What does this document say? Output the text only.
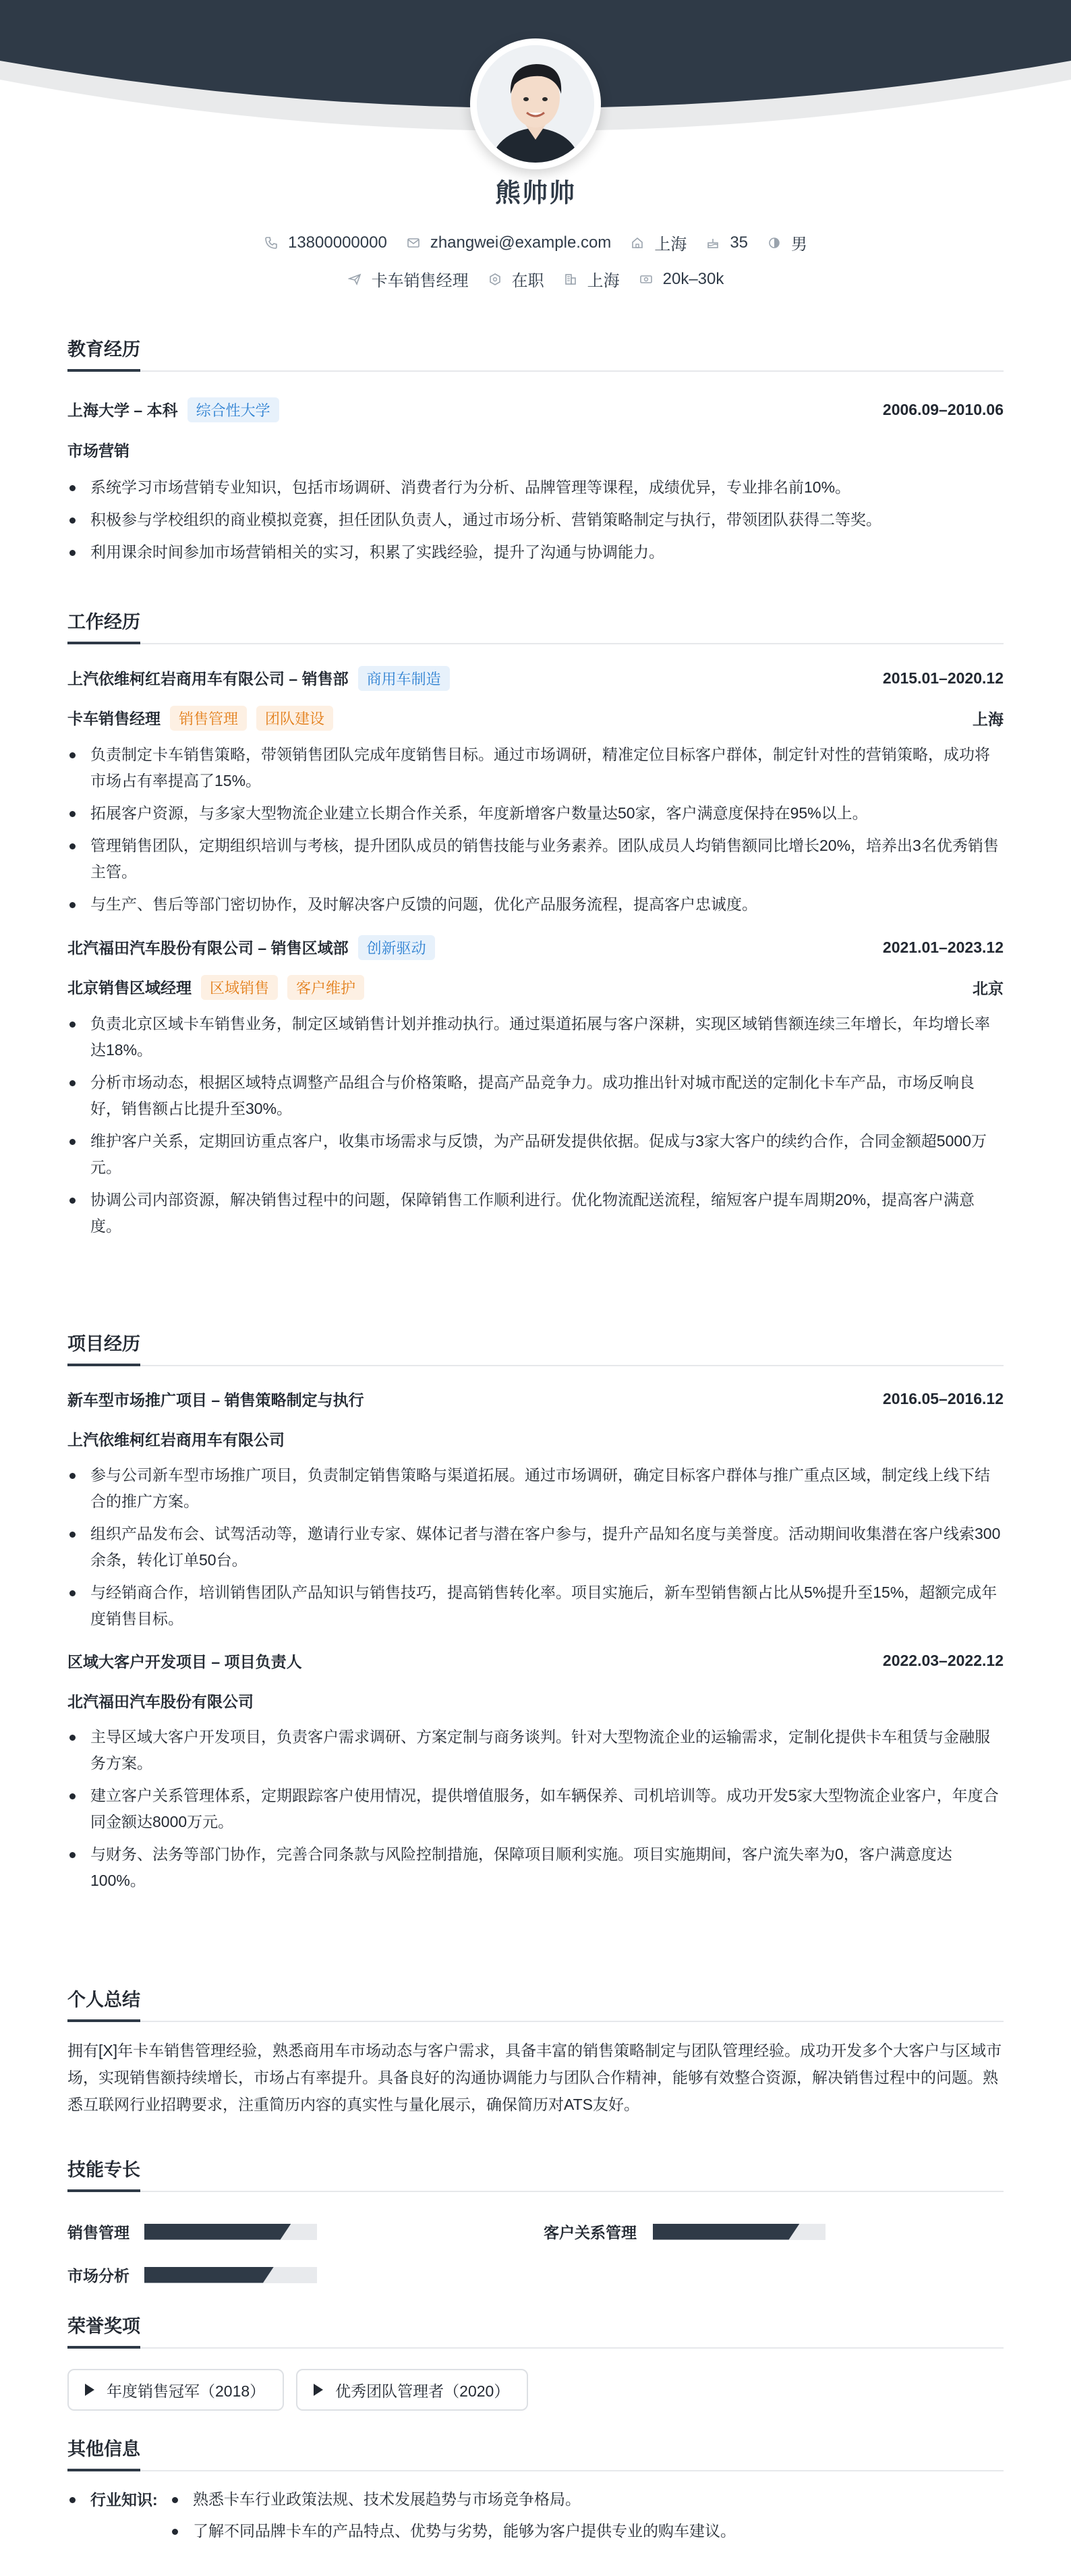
熊帅帅
13800000000	zhangwei@example.com	上海	35	男
卡车销售经理	在职	上海	20k–30k
教育经历
上海大学 – 本科 综合性大学	2006.09–2010.06
市场营销
系统学习市场营销专业知识，包括市场调研、消费者行为分析、品牌管理等课程，成绩优异，专业排名前10%。
积极参与学校组织的商业模拟竞赛，担任团队负责人，通过市场分析、营销策略制定与执行，带领团队获得二等奖。
利用课余时间参加市场营销相关的实习，积累了实践经验，提升了沟通与协调能力。
工作经历
上汽依维柯红岩商用车有限公司 – 销售部 商用车制造	2015.01–2020.12
卡车销售经理 销售管理 团队建设	上海
负责制定卡车销售策略，带领销售团队完成年度销售目标。通过市场调研，精准定位目标客户群体，制定针对性的营销策略，成功将市场占有率提高了15%。
拓展客户资源，与多家大型物流企业建立长期合作关系，年度新增客户数量达50家，客户满意度保持在95%以上。
管理销售团队，定期组织培训与考核，提升团队成员的销售技能与业务素养。团队成员人均销售额同比增长20%，培养出3名优秀销售主管。
与生产、售后等部门密切协作，及时解决客户反馈的问题，优化产品服务流程，提高客户忠诚度。
北汽福田汽车股份有限公司 – 销售区域部 创新驱动	2021.01–2023.12
北京销售区域经理 区域销售 客户维护	北京
负责北京区域卡车销售业务，制定区域销售计划并推动执行。通过渠道拓展与客户深耕，实现区域销售额连续三年增长，年均增长率达18%。
分析市场动态，根据区域特点调整产品组合与价格策略，提高产品竞争力。成功推出针对城市配送的定制化卡车产品，市场反响良好，销售额占比提升至30%。
维护客户关系，定期回访重点客户，收集市场需求与反馈，为产品研发提供依据。促成与3家大客户的续约合作，合同金额超5000万元。
协调公司内部资源，解决销售过程中的问题，保障销售工作顺利进行。优化物流配送流程，缩短客户提车周期20%，提高客户满意度。
项目经历
新车型市场推广项目 – 销售策略制定与执行	2016.05–2016.12
上汽依维柯红岩商用车有限公司
参与公司新车型市场推广项目，负责制定销售策略与渠道拓展。通过市场调研，确定目标客户群体与推广重点区域，制定线上线下结合的推广方案。
组织产品发布会、试驾活动等，邀请行业专家、媒体记者与潜在客户参与，提升产品知名度与美誉度。活动期间收集潜在客户线索300余条，转化订单50台。
与经销商合作，培训销售团队产品知识与销售技巧，提高销售转化率。项目实施后，新车型销售额占比从5%提升至15%，超额完成年度销售目标。
区域大客户开发项目 – 项目负责人	2022.03–2022.12
北汽福田汽车股份有限公司
主导区域大客户开发项目，负责客户需求调研、方案定制与商务谈判。针对大型物流企业的运输需求，定制化提供卡车租赁与金融服务方案。
建立客户关系管理体系，定期跟踪客户使用情况，提供增值服务，如车辆保养、司机培训等。成功开发5家大型物流企业客户，年度合同金额达8000万元。
与财务、法务等部门协作，完善合同条款与风险控制措施，保障项目顺利实施。项目实施期间，客户流失率为0，客户满意度达100%。
个人总结
拥有[X]年卡车销售管理经验，熟悉商用车市场动态与客户需求，具备丰富的销售策略制定与团队管理经验。成功开发多个大客户与区域市场，实现销售额持续增长，市场占有率提升。具备良好的沟通协调能力与团队合作精神，能够有效整合资源，解决销售过程中的问题。熟悉互联网行业招聘要求，注重简历内容的真实性与量化展示，确保简历对ATS友好。
技能专长
销售管理	客户关系管理
市场分析
荣誉奖项
年度销售冠军（2018）	优秀团队管理者（2020）
其他信息
行业知识:	熟悉卡车行业政策法规、技术发展趋势与市场竞争格局。
了解不同品牌卡车的产品特点、优势与劣势，能够为客户提供专业的购车建议。
